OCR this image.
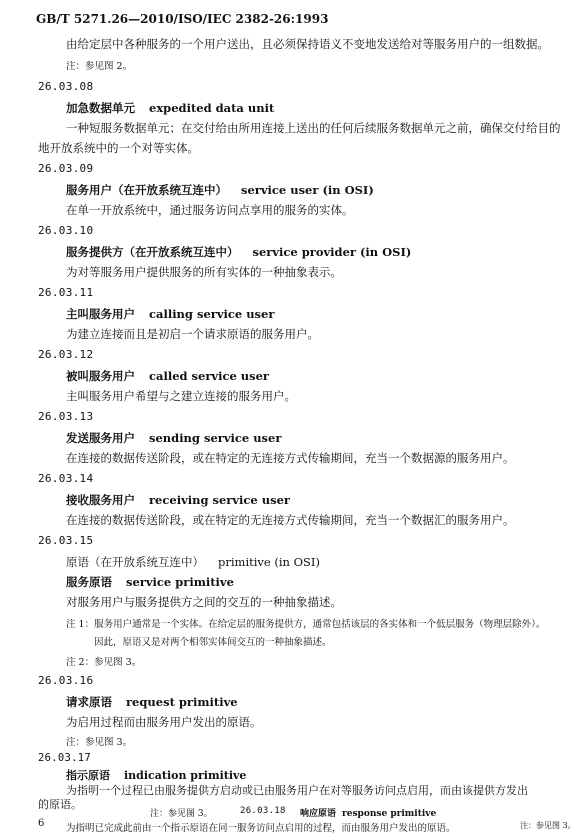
GB/T 5271.26—2010/ISO/IEC 2382-26:1993
由给定层中各种服务的一个用户送出，且必须保持语义不变地发送给对等服务用户的一组数据。
注：参见图 2。
26.03.08
加急数据单元 expedited data unit
一种短服务数据单元；在交付给由所用连接上送出的任何后续服务数据单元之前，确保交付给目的
地开放系统中的一个对等实体。
26.03.09
服务用户（在开放系统互连中） service user (in OSI)
在单一开放系统中，通过服务访问点享用的服务的实体。
26.03.10
服务提供方（在开放系统互连中） service provider (in OSI)
为对等服务用户提供服务的所有实体的一种抽象表示。
26.03.11
主叫服务用户 calling service user
为建立连接而且是初启一个请求原语的服务用户。
26.03.12
被叫服务用户 called service user
主叫服务用户希望与之建立连接的服务用户。
26.03.13
发送服务用户 sending service user
在连接的数据传送阶段，或在特定的无连接方式传输期间，充当一个数据源的服务用户。
26.03.14
接收服务用户 receiving service user
在连接的数据传送阶段，或在特定的无连接方式传输期间，充当一个数据汇的服务用户。
26.03.15
原语（在开放系统互连中） primitive (in OSI)
服务原语 service primitive
对服务用户与服务提供方之间的交互的一种抽象描述。
注 1：服务用户通常是一个实体。在给定层的服务提供方，通常包括该层的各实体和一个低层服务（物理层除外）。
因此，原语又是对两个相邻实体间交互的一种抽象描述。
注 2：参见图 3。
26.03.16
请求原语 request primitive
为启用过程而由服务用户发出的原语。
注：参见图 3。
6
26.03.17
指示原语 indication primitive
为指明一个过程已由服务提供方启动或已由服务用户在对等服务访问点启用，而由该提供方发出
的原语。
注：参见图 3。	26.03.18	响应原语 response primitive
为指明已完成此前由一个指示原语在同一服务访问点启用的过程，而由服务用户发出的原语。	注：参见图 3。
